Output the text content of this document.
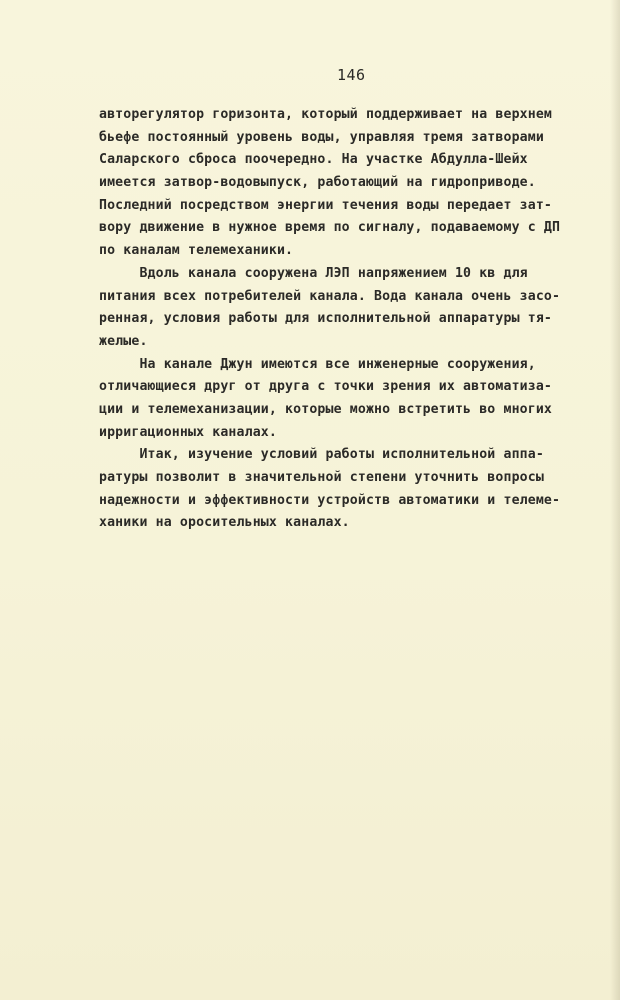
146
авторегулятор горизонта, который поддерживает на верхнем
бьефе постоянный уровень воды, управляя тремя затворами
Саларского сброса поочередно. На участке Абдулла-Шейх
имеется затвор-водовыпуск, работающий на гидроприводе.
Последний посредством энергии течения воды передает зат-
вору движение в нужное время по сигналу, подаваемому с ДП
по каналам телемеханики.
Вдоль канала сооружена ЛЭП напряжением 10 кв для
питания всех потребителей канала. Вода канала очень засо-
ренная, условия работы для исполнительной аппаратуры тя-
желые.
На канале Джун имеются все инженерные сооружения,
отличающиеся друг от друга с точки зрения их автоматиза-
ции и телемеханизации, которые можно встретить во многих
ирригационных каналах.
Итак, изучение условий работы исполнительной аппа-
ратуры позволит в значительной степени уточнить вопросы
надежности и эффективности устройств автоматики и телеме-
ханики на оросительных каналах.
